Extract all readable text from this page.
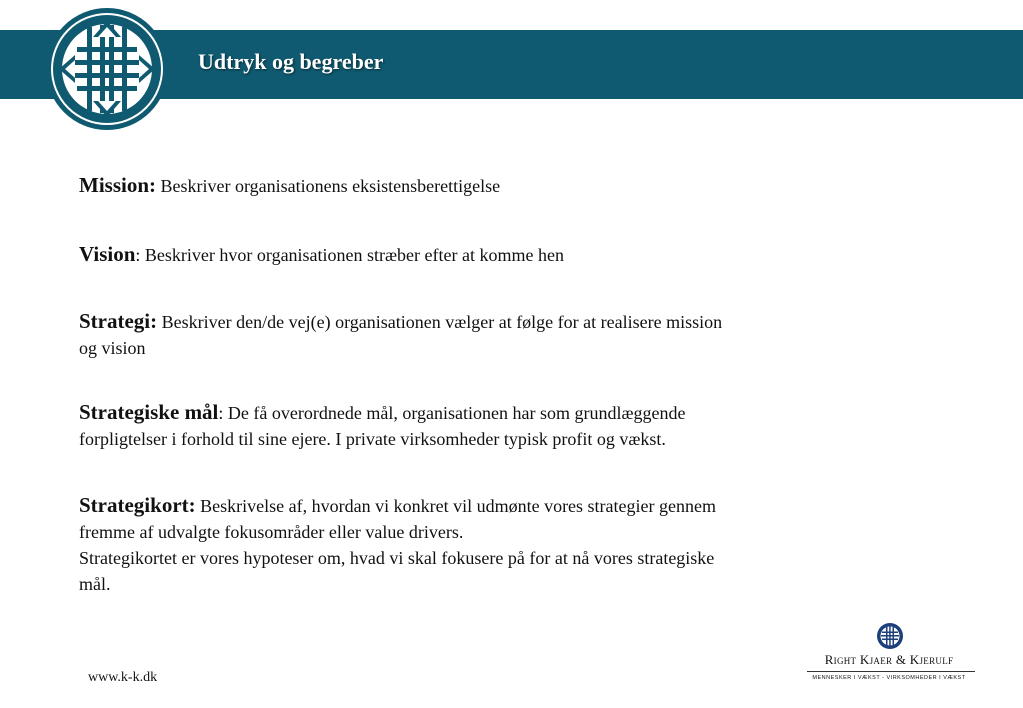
Udtryk og begreber

Mission: Beskriver organisationens eksistensberettigelse

Vision: Beskriver hvor organisationen stræber efter at komme hen

Strategi: Beskriver den/de vej(e) organisationen vælger at følge for at realisere mission
og vision

Strategiske mål: De få overordnede mål, organisationen har som grundlæggende
forpligtelser i forhold til sine ejere. I private virksomheder typisk profit og vækst.

Strategikort: Beskrivelse af, hvordan vi konkret vil udmønte vores strategier gennem
fremme af udvalgte fokusområder eller value drivers.
Strategikortet er vores hypoteser om, hvad vi skal fokusere på for at nå vores strategiske
mål.

www.k-k.dk
Right Kjaer & Kjerulf
MENNESKER I VÆKST - VIRKSOMHEDER I VÆKST
